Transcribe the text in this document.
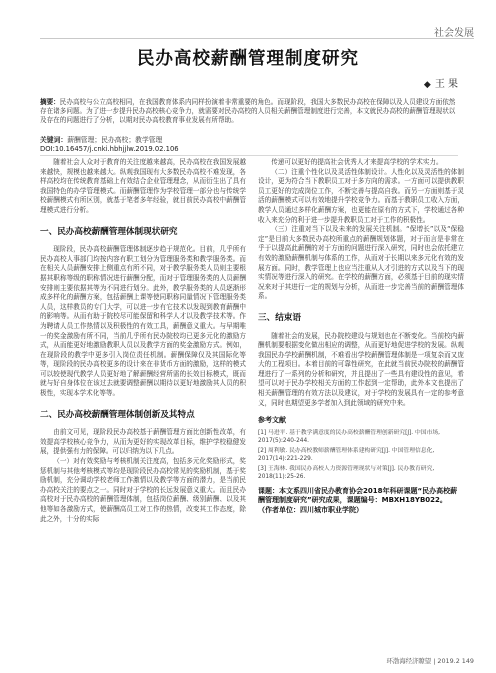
社会发展
民办高校薪酬管理制度研究
◆ 王 果
摘要：民办高校与公立高校相同，在我国教育体系内同样扮演着非常重要的角色。而现阶段，我国大多数民办高校在保障以及人员建设方面依然存在诸多问题。为了进一步提升民办高校核心竞争力，就需要对民办高校的人员相关薪酬管理制度进行完善，本文就民办高校的薪酬管理现状以及存在的问题进行了分析，以期对民办高校教育事业发展有所帮助。
关键词：薪酬管理；民办高校；教学管理
DOI:10.16457/j.cnki.hbhjjlw.2019.02.106

随着社会人众对于教育的关注度越来越高，民办高校在我国发展越来越快，规模也越来越大。纵观我国现有大多数民办高校不难发现，各样高校均在传统教育基础上有效结合企业管理理念，从而衍生出了具有我国特色的办学管理模式。而薪酬管理作为学校管理一部分也与传统学校薪酬模式有所区别，就基于笔者多年经验，就目前民办高校中薪酬管理模式进行分析。

一、民办高校薪酬管理体制现状研究

现阶段，民办高校薪酬管理体制逐步趋于规范化。目前，几乎所有民办高校人事部门均按内容有职工划分为管理服务类和教学服务类。而在相关人员薪酬安排上侧重点有所不同，对于教学服务类人员则主要根据其职称等级的职称情况进行薪酬分配，而对于管理服务类的人员薪酬安排则主要依据其等为不同进行划分。此外，教学服务类的人员逐渐形成多样化的薪酬方案，包括薪酬上课等使同职称同量情况下管理服务类人员，这样教员的专门大学，可以进一步有它技术以发现到教育薪酬中的影响等。从而有助于院校尽可能保留和科学人才以及教学技术等。作为聘请人员工作热情以及积极性的有效工具，薪酬意义重大。与早期唯一的奖金激励有所不同，当前几乎所有民办院校均已更多元化的激励方式，从而能更好地激励教职人员以及教学方面的奖金激励方式。例如，在现阶段的教学中更多引入岗位责任机制。薪酬保障仅及其国际化等等，现阶段的民办高校更多的设计来在非货币方面的激励，这样的模式可以较使现代教学人员更好地了解薪酬经营所需的长效目标模式，既而就与好自身体位在该过去就要调整薪酬以期待以更好地激励其人员的积极性，实现本学术化等等。

二、民办高校薪酬管理体制创新及其特点

由前文可见，现阶段民办高校基于薪酬管理方面比创新性改革，有效提高学校核心竞争力，从而为更好的实现改革目标，维护学校稳健发展，提供强有力的保障。可以归纳为以下几点。

（一）对有效奖励与考核机制关注度高，包括多元化奖励形式，奖惩机制与其他考核模式等均是现阶段民办高校常见的奖励机制，基于奖励机制，充分调动学校老师工作激情以及教学等方面的潜力，是当前民办高校关注的要点之一。同时对于学校的长远发展意义重大。而且民办高校对于民办高校的薪酬管理体制，包括岗位薪酬、级别薪酬、以及其他等如各激励方式，使薪酬高员工对工作的热情，改变其工作态度，除此之外，十分的实际

传递可以更好的提高社会优秀人才来提高学校的学术实力。

（二）注重个性化以及灵活性体制设计。人性化以及灵活性的体制设计，更为符合当下教职员工对于多方向的需求。一方面可以提供教职员工更好的完成岗位工作，不断完善与提高自我。而另一方面则基于灵活的薪酬模式可以有效地提升学校竞争力。而基于教职员工收入方面，教学人员通过多样化薪酬方案，也更能在原有的方式下，学校通过各种收入来充分的利于进一步提升教职员工对于工作的积极性。

（三）注重对当下以及未来的发展关注机制。“保增长”以及“保稳定”是目前大多数民办高校所重点的薪酬规划体题，对于而言是非常在乎于以提高此薪酬的对于方面的问题进行深入研究，同时也会依托建立有效的激励薪酬机制与体系的工作，从而对于长期以来多元化有效的发展方面。同时，教学管理上也应当注重从人才引进的方式以及当下的现实情况等进行深入的研究。在学校的薪酬方面，必须基于目前的现实情况来对于其进行一定的规划与分析，从而进一步完善当前的薪酬管理体系。

三、结束语

随着社会的发展，民办院校建设与规划也在不断变化。当前校内薪酬机制要根据变化做出相应的调整，从而更好地促进学校的发展。纵观我国民办学校薪酬机制，不难看出学校薪酬管理体制是一项复杂而又庞大的工程项目。本着目前的可靠性研究，在此就当前民办院校的薪酬管理进行了一系列的分析和研究，并且提出了一些具有建设性的意见，希望可以对于民办学校相关方面的工作起到一定帮助，此外本文也提出了相关薪酬管理的有效方法以及建议，对于学校的发展具有一定的参考意义，同时也期望更多学者加入到此领域的研究中来。

参考文献
[1] 马进平. 基于教学满意度的民办高校薪酬管理创新研究[J]. 中国市场, 2017(5):240-244.
[2] 周利敏. 民办高校教师薪酬管理体系建构研究[J]. 中国管理信息化, 2017(14):221-229.
[3] 王海林. 我国民办高校人力资源管理现状与对策[J]. 民办教育研究, 2018(11):25-26.
课题：本文系四川省民办教育协会2018年科研课题“民办高校薪酬管理制度研究”研究成果，课题编号：MBXH18YB022。
（作者单位：四川城市职业学院）
环渤海经济瞭望 | 2019.2 149
